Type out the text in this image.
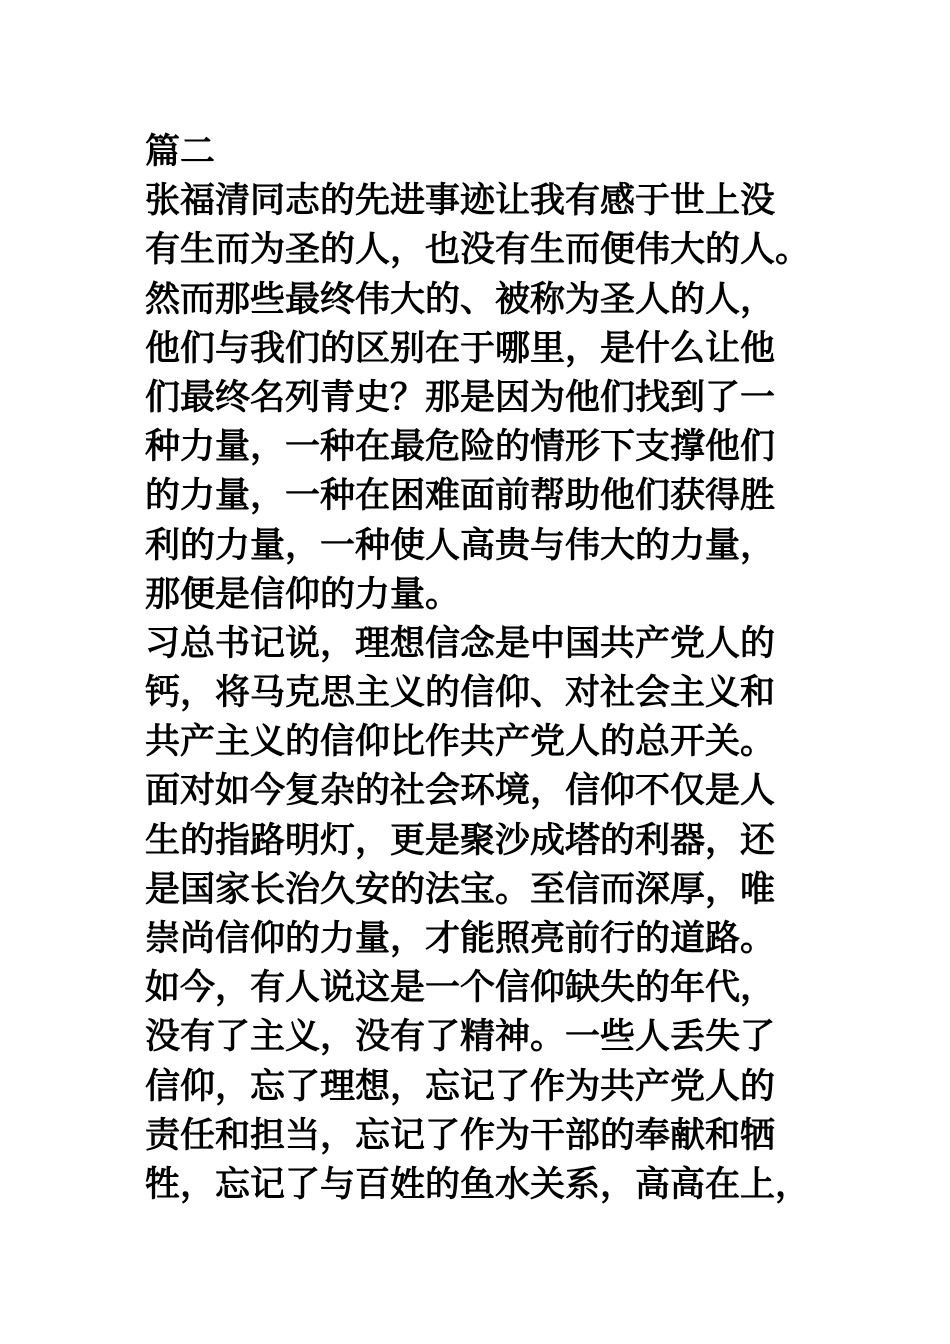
篇二
张福清同志的先进事迹让我有感于世上没
有生而为圣的人，也没有生而便伟大的人。
然而那些最终伟大的、被称为圣人的人，
他们与我们的区别在于哪里，是什么让他
们最终名列青史？那是因为他们找到了一
种力量，一种在最危险的情形下支撑他们
的力量，一种在困难面前帮助他们获得胜
利的力量，一种使人高贵与伟大的力量，
那便是信仰的力量。
习总书记说，理想信念是中国共产党人的
钙，将马克思主义的信仰、对社会主义和
共产主义的信仰比作共产党人的总开关。
面对如今复杂的社会环境，信仰不仅是人
生的指路明灯，更是聚沙成塔的利器，还
是国家长治久安的法宝。至信而深厚，唯
崇尚信仰的力量，才能照亮前行的道路。
如今，有人说这是一个信仰缺失的年代，
没有了主义，没有了精神。一些人丢失了
信仰，忘了理想，忘记了作为共产党人的
责任和担当，忘记了作为干部的奉献和牺
牲，忘记了与百姓的鱼水关系，高高在上，
